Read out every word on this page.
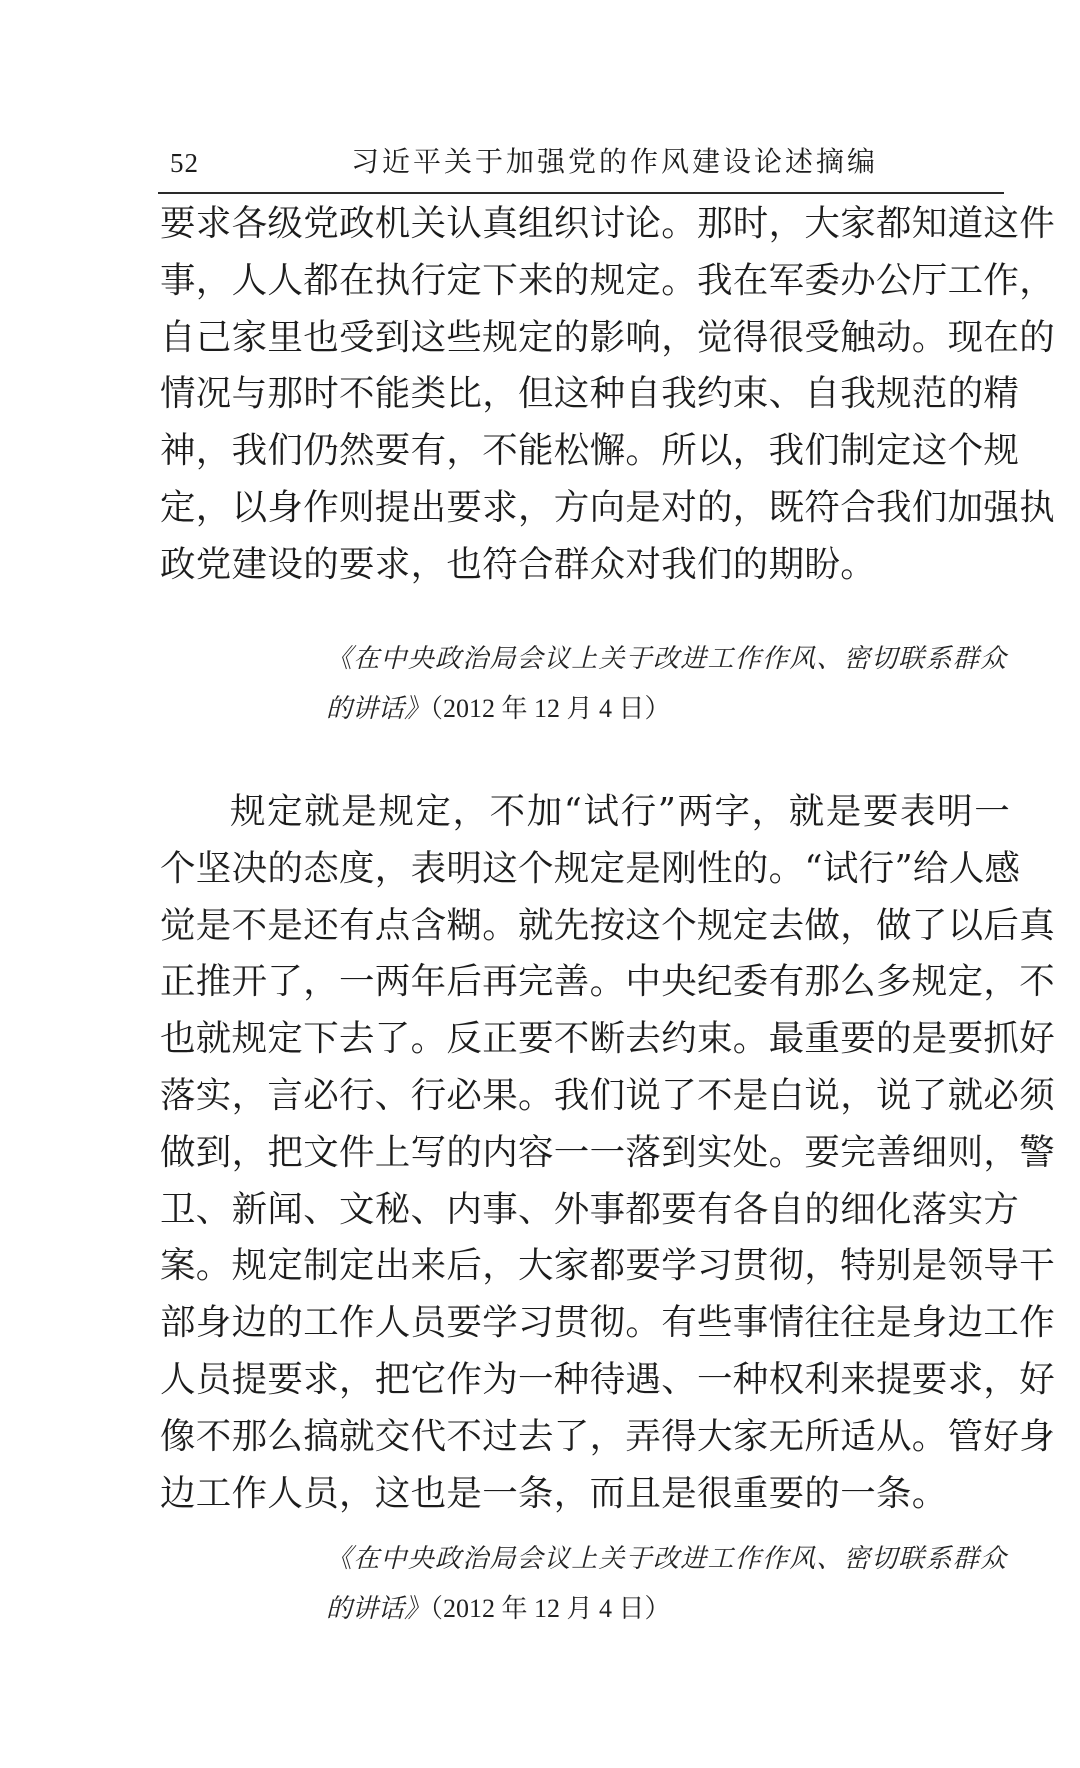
52	习近平关于加强党的作风建设论述摘编
要求各级党政机关认真组织讨论。那时，大家都知道这件
事，人人都在执行定下来的规定。我在军委办公厅工作，
自己家里也受到这些规定的影响，觉得很受触动。现在的
情况与那时不能类比，但这种自我约束、自我规范的精
神，我们仍然要有，不能松懈。所以，我们制定这个规
定，以身作则提出要求，方向是对的，既符合我们加强执
政党建设的要求，也符合群众对我们的期盼。
《在中央政治局会议上关于改进工作作风、密切联系群众
的讲话》（2012 年 12 月 4 日）
规定就是规定，不加“试行”两字，就是要表明一
个坚决的态度，表明这个规定是刚性的。“试行”给人感
觉是不是还有点含糊。就先按这个规定去做，做了以后真
正推开了，一两年后再完善。中央纪委有那么多规定，不
也就规定下去了。反正要不断去约束。最重要的是要抓好
落实，言必行、行必果。我们说了不是白说，说了就必须
做到，把文件上写的内容一一落到实处。要完善细则，警
卫、新闻、文秘、内事、外事都要有各自的细化落实方
案。规定制定出来后，大家都要学习贯彻，特别是领导干
部身边的工作人员要学习贯彻。有些事情往往是身边工作
人员提要求，把它作为一种待遇、一种权利来提要求，好
像不那么搞就交代不过去了，弄得大家无所适从。管好身
边工作人员，这也是一条，而且是很重要的一条。
《在中央政治局会议上关于改进工作作风、密切联系群众
的讲话》（2012 年 12 月 4 日）
